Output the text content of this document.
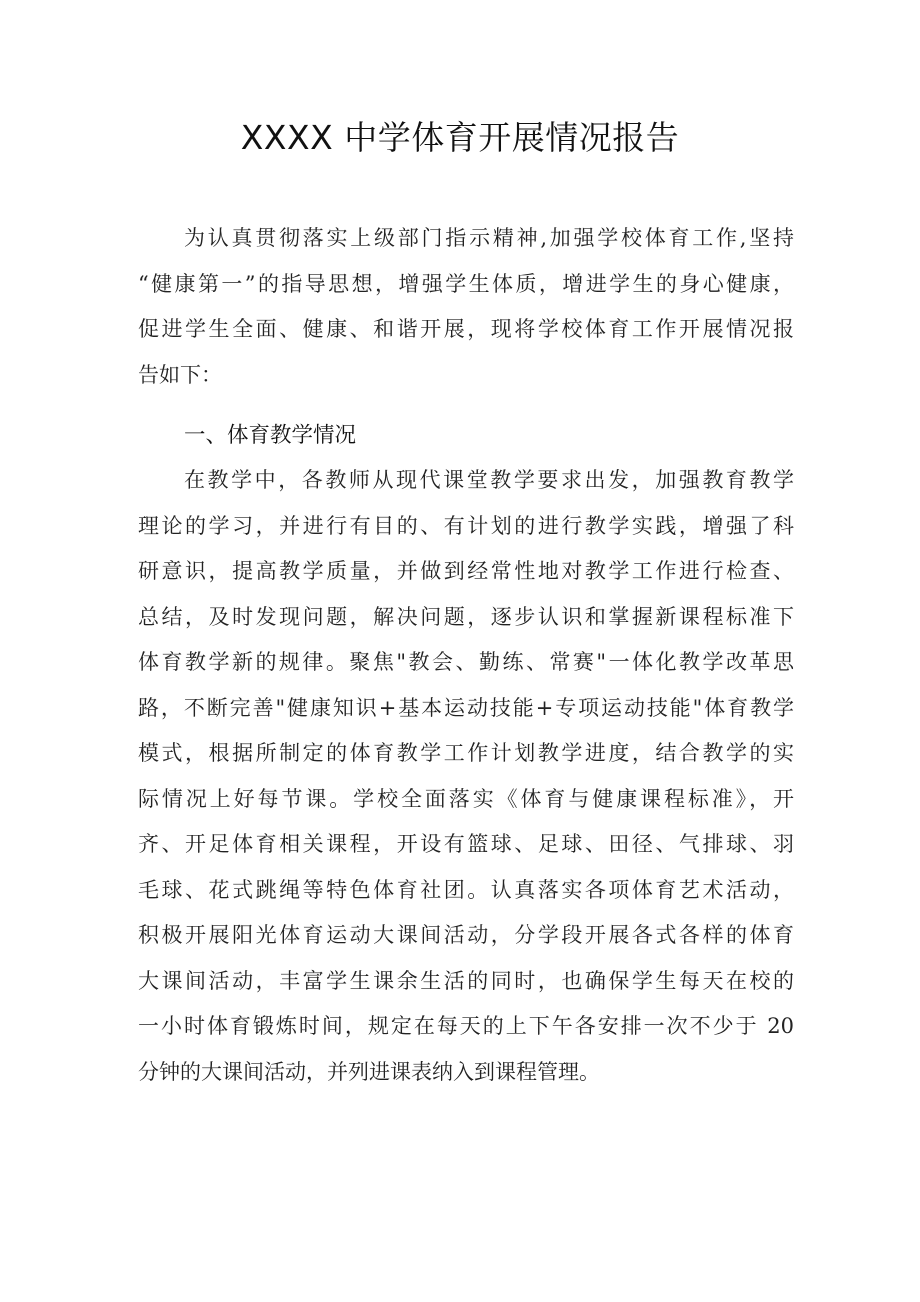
XXXX 中学体育开展情况报告
为认真贯彻落实上级部门指示精神,加强学校体育工作,坚持
“健康第一”的指导思想，增强学生体质，增进学生的身心健康，
促进学生全面、健康、和谐开展，现将学校体育工作开展情况报
告如下：
一、体育教学情况
在教学中，各教师从现代课堂教学要求出发，加强教育教学
理论的学习，并进行有目的、有计划的进行教学实践，增强了科
研意识，提高教学质量，并做到经常性地对教学工作进行检查、
总结，及时发现问题，解决问题，逐步认识和掌握新课程标准下
体育教学新的规律。聚焦"教会、勤练、常赛"一体化教学改革思
路，不断完善"健康知识+基本运动技能+专项运动技能"体育教学
模式，根据所制定的体育教学工作计划教学进度，结合教学的实
际情况上好每节课。学校全面落实《体育与健康课程标准》，开
齐、开足体育相关课程，开设有篮球、足球、田径、气排球、羽
毛球、花式跳绳等特色体育社团。认真落实各项体育艺术活动，
积极开展阳光体育运动大课间活动，分学段开展各式各样的体育
大课间活动，丰富学生课余生活的同时，也确保学生每天在校的
一小时体育锻炼时间，规定在每天的上下午各安排一次不少于 20
分钟的大课间活动，并列进课表纳入到课程管理。
